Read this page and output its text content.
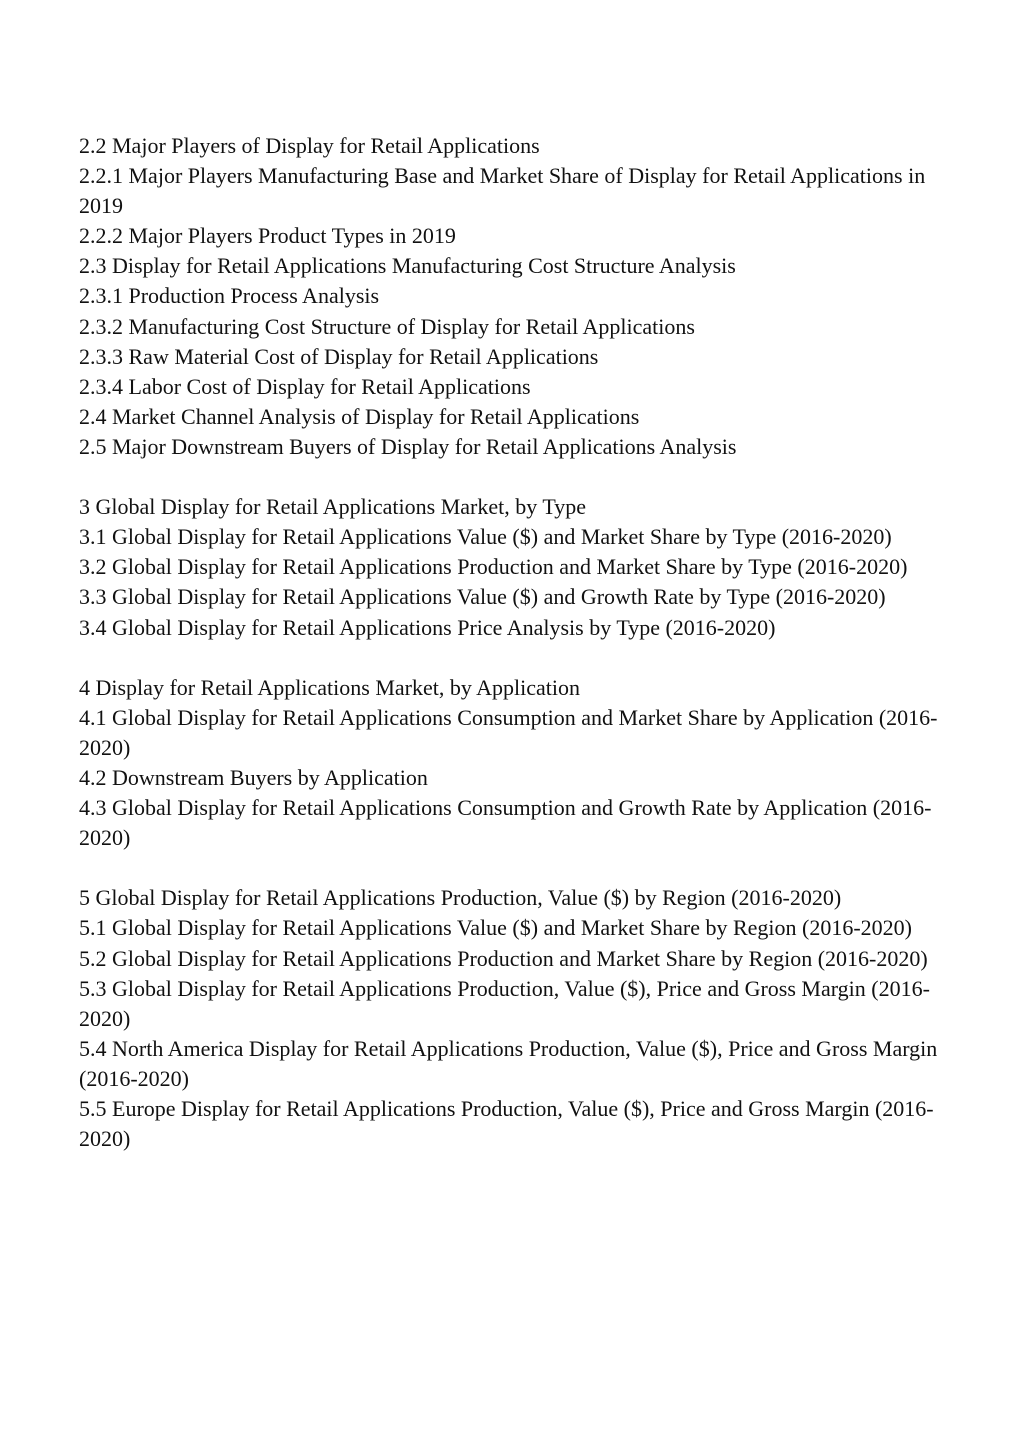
2.2 Major Players of Display for Retail Applications

2.2.1 Major Players Manufacturing Base and Market Share of Display for Retail Applications in 2019

2.2.2 Major Players Product Types in 2019

2.3 Display for Retail Applications Manufacturing Cost Structure Analysis

2.3.1 Production Process Analysis

2.3.2 Manufacturing Cost Structure of Display for Retail Applications

2.3.3 Raw Material Cost of Display for Retail Applications

2.3.4 Labor Cost of Display for Retail Applications

2.4 Market Channel Analysis of Display for Retail Applications

2.5 Major Downstream Buyers of Display for Retail Applications Analysis

3 Global Display for Retail Applications Market, by Type

3.1 Global Display for Retail Applications Value ($) and Market Share by Type (2016-2020)

3.2 Global Display for Retail Applications Production and Market Share by Type (2016-2020)

3.3 Global Display for Retail Applications Value ($) and Growth Rate by Type (2016-2020)

3.4 Global Display for Retail Applications Price Analysis by Type (2016-2020)

4 Display for Retail Applications Market, by Application

4.1 Global Display for Retail Applications Consumption and Market Share by Application (2016-2020)

4.2 Downstream Buyers by Application

4.3 Global Display for Retail Applications Consumption and Growth Rate by Application (2016-2020)

5 Global Display for Retail Applications Production, Value ($) by Region (2016-2020)

5.1 Global Display for Retail Applications Value ($) and Market Share by Region (2016-2020)

5.2 Global Display for Retail Applications Production and Market Share by Region (2016-2020)

5.3 Global Display for Retail Applications Production, Value ($), Price and Gross Margin (2016-2020)

5.4 North America Display for Retail Applications Production, Value ($), Price and Gross Margin (2016-2020)

5.5 Europe Display for Retail Applications Production, Value ($), Price and Gross Margin (2016-2020)
